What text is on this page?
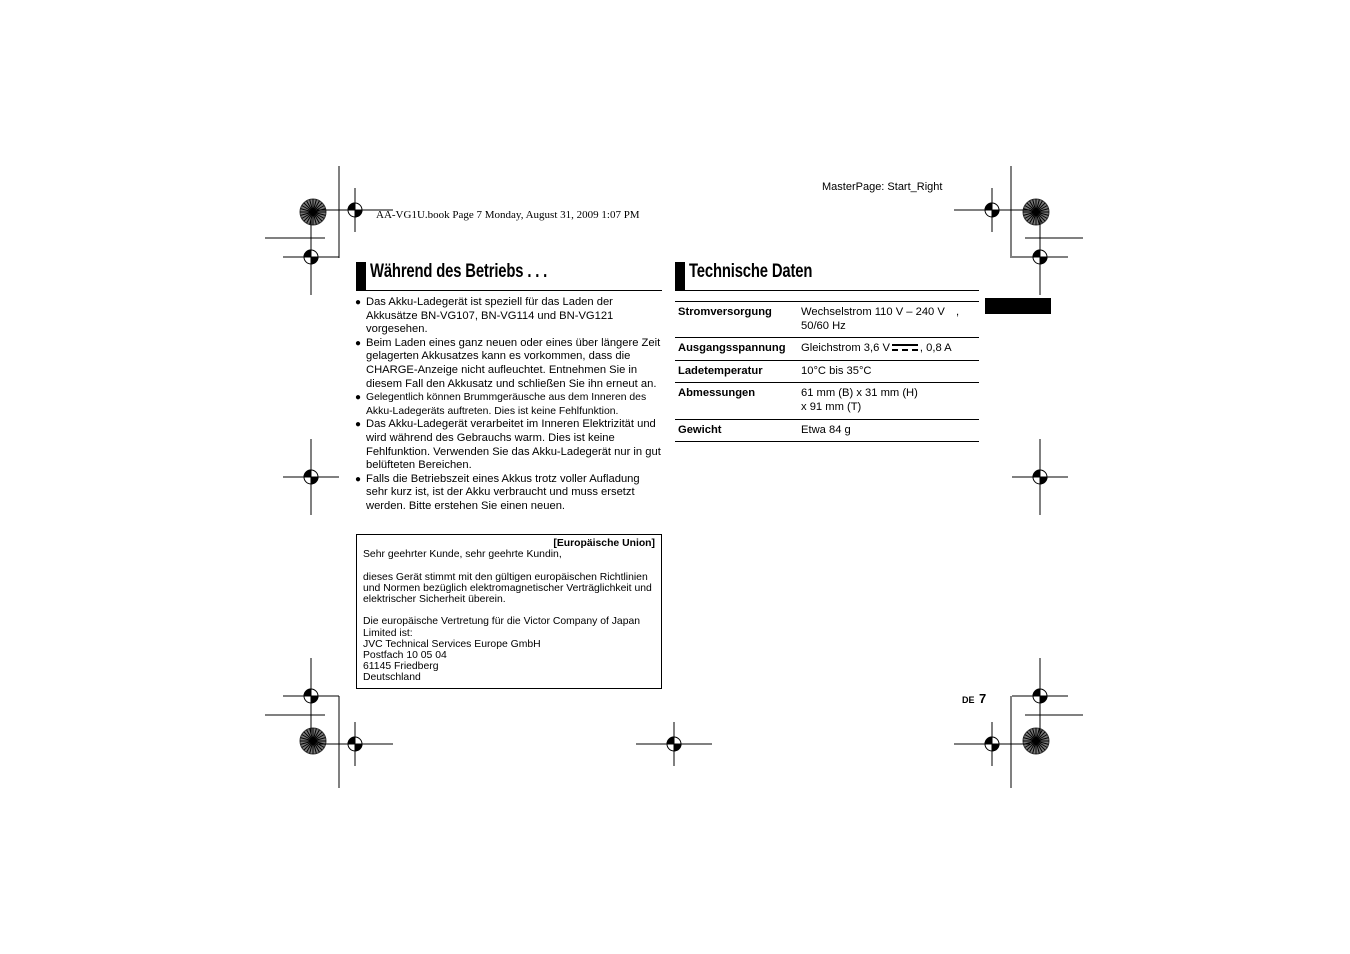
MasterPage: Start_Right
AA-VG1U.book Page 7 Monday, August 31, 2009 1:07 PM
Während des Betriebs . . .
● Das Akku-Ladegerät ist speziell für das Laden der Akkusätze BN-VG107, BN-VG114 und BN-VG121 vorgesehen.
● Beim Laden eines ganz neuen oder eines über längere Zeit gelagerten Akkusatzes kann es vorkommen, dass die CHARGE-Anzeige nicht aufleuchtet. Entnehmen Sie in diesem Fall den Akkusatz und schließen Sie ihn erneut an.
● Gelegentlich können Brummgeräusche aus dem Inneren des Akku-Ladegeräts auftreten. Dies ist keine Fehlfunktion.
● Das Akku-Ladegerät verarbeitet im Inneren Elektrizität und wird während des Gebrauchs warm. Dies ist keine Fehlfunktion. Verwenden Sie das Akku-Ladegerät nur in gut belüfteten Bereichen.
● Falls die Betriebszeit eines Akkus trotz voller Aufladung sehr kurz ist, ist der Akku verbraucht und muss ersetzt werden. Bitte erstehen Sie einen neuen.
[Europäische Union]
Sehr geehrter Kunde, sehr geehrte Kundin,
dieses Gerät stimmt mit den gültigen europäischen Richtlinien und Normen bezüglich elektromagnetischer Verträglichkeit und elektrischer Sicherheit überein.
Die europäische Vertretung für die Victor Company of Japan Limited ist:
JVC Technical Services Europe GmbH
Postfach 10 05 04
61145 Friedberg
Deutschland
Technische Daten
Stromversorgung	Wechselstrom 110 V – 240 V ,
50/60 Hz
Ausgangsspannung	Gleichstrom 3,6 V , 0,8 A
Ladetemperatur	10°C bis 35°C
Abmessungen	61 mm (B) x 31 mm (H)
x 91 mm (T)
Gewicht	Etwa 84 g
DE 7
